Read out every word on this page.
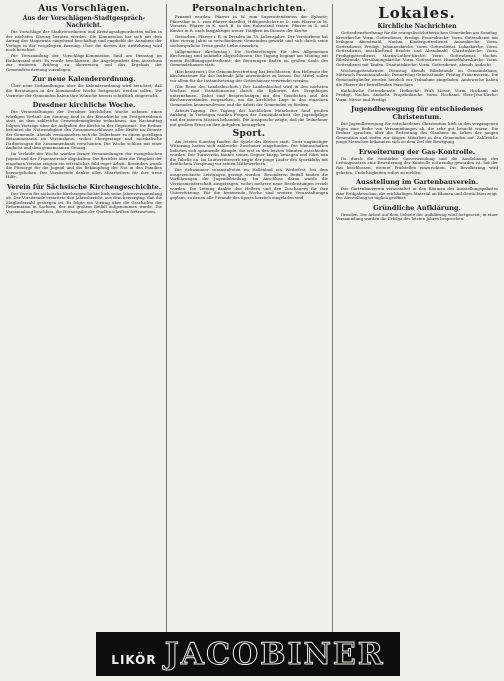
Aus Vorschlägen.
Aus der Vorschlägen-Stadtgespräch-Nachricht.

Die Vorschläge der Stadtverordneten und Kreistagsabgeordneten sollen in der nächsten Sitzung beraten werden. Die Kommission hat sich mit dem Antrag des Magistrats eingehend beschäftigt und empfiehlt die Annahme der Vorlage in der vorgelegten Fassung. Über die Kosten der Ausführung wird noch berichtet.

Die Versammlung der Vorschläge-Kommission fand am Dienstag im Rathaussaal statt. Es wurde beschlossen, die Angelegenheit dem Ausschuss zur weiteren Prüfung zu überweisen und das Ergebnis der Gemeindevertretung vorzulegen.

Zur neue Kalenderordnung.

Über neue Verhandlungen über die Kalenderordnung wird berichtet, daß die Beratungen in der kommenden Woche fortgesetzt werden sollen. Die Vertreter der Gemeinden haben ihre Wünsche bereits schriftlich eingereicht.

Dresdner kirchliche Woche.

Die Veranstaltungen der Dresdner kirchlichen Woche nahmen einen würdigen Verlauf. Am Sonntag fand in der Kreuzkirche ein Festgottesdienst statt, an dem zahlreiche Gemeindemitglieder teilnahmen. Am Nachmittag folgten Vorträge über die Aufgaben der Kirche in der Gegenwart. Die Redner betonten die Notwendigkeit des Zusammenschlusses aller Kräfte im Dienste der Gemeinde. Abends versammelten sich die Teilnehmer zu einem geselligen Beisammensein im Vereinshaus, wobei Chorgesänge und musikalische Darbietungen die Zusammenkunft verschönten. Die Woche schloss mit einer Andacht und dem gemeinsamen Gesang.

Im Verlaufe der Woche wurden ferner Versammlungen der evangelischen Jugend und der Frauenvereine abgehalten. Die Berichte über die Tätigkeit der einzelnen Vereine zeigten ein erfreuliches Bild reger Arbeit. Besonders wurde die Fürsorge für die Jugend und die Bekämpfung der Not in den Familien hervorgehoben. Der Vorsitzende dankte allen Mitarbeitern für ihre treue Hilfe.

Verein für Sächsische Kirchengeschichte.

Der Verein für sächsische Kirchengeschichte hielt seine Jahresversammlung ab. Der Vorsitzende erstattete den Jahresbericht, aus dem hervorging, daß die Mitgliederzahl gestiegen ist. Es folgte ein Vortrag über die Geschichte der Reformation in Sachsen, der mit großem Beifall aufgenommen wurde. Die Versammlung beschloss, die Herausgabe der Quellenschriften fortzusetzen.

Personalnachrichten.

Ernannt wurden: Pfarrer in W. zum Superintendenten der Ephorie; Pfarrvikar in L. zum Pfarrer daselbst; Hilfsgeistlicher in D. zum Pfarrer in M. Versetzt: Pfarrer in K. nach B. In den Ruhestand traten: Pfarrer in S. und Kantor in R. nach langjähriger treuer Tätigkeit im Dienste der Kirche.

Gestorben: Pfarrer i. R. in Dresden im 78. Lebensjahre. Der Verstorbene hat über vierzig Jahre in verschiedenen Gemeinden gewirkt und sich durch seine seelsorgerliche Treue große Liebe erworben.

(Allgemeiner Kirchentag.) Die Vorbereitungen für den Allgemeinen Kirchentag sind nunmehr abgeschlossen. Die Tagung beginnt am Montag mit einem Eröffnungsgottesdienst; die Beratungen finden im großen Saale des Gemeindehauses statt.

(Kirchensteuer.) Die Gemeindevertretung hat beschlossen, den Hebesatz der Kirchensteuer für das laufende Jahr unverändert zu lassen. Die Mittel sollen vor allem für die Instandsetzung der Gotteshäuser verwendet werden.

(Die Reise des Landesbischofs.) Der Landesbischof wird in den nächsten Wochen eine Visitationsreise durch die Ephorien des Erzgebirges unternehmen. Dabei sind Besprechungen mit den Geistlichen und den Kirchenvorständen vorgesehen, um die kirchliche Lage in den einzelnen Gemeinden kennenzulernen und die Arbeit der Gemeinden zu fördern.

Arbeits-Tagung. Die Tagung der kirchlichen Mitarbeiter fand großen Anklang. In Vorträgen wurden Fragen der Gemeindearbeit, der Jugendpflege und der inneren Mission behandelt. Die Aussprache zeigte, daß die Teilnehmer mit großem Ernst an ihre Aufgaben herangehen.

Sport.

Am letzten Sonntag fanden die Spiele des Kreises statt. Trotz ungünstiger Witterung hatten sich zahlreiche Zuschauer eingefunden. Die Mannschaften lieferten sich spannende Kämpfe, die erst in den letzten Minuten entschieden wurden. Der Turnverein konnte seinen Gegner knapp besiegen und führt nun die Tabelle an. Im Laufwettbewerb siegte der junge Läufer des Sportklubs mit deutlichem Vorsprung vor seinen Mitbewerbern.

Die Schwimmer veranstalteten im Hallenbad ein Werbefest, bei dem ausgezeichnete Leistungen gezeigt wurden. Besonderen Beifall fanden die Vorführungen der Jugendabteilung. Im Anschluss daran wurde die Vereinsmeisterschaft ausgetragen, wobei mehrere neue Bestleistungen erzielt wurden. Die Leitung dankte den Helfern und den Zuschauern für ihre Unterstützung. Für die kommende Woche sind weitere Veranstaltungen geplant, zu denen alle Freunde des Sports herzlich eingeladen sind.

Lokales.
Kirchliche Nachrichten

Gottesdienstordnung für die evangelisch-lutherischen Gemeinden am Sonntag. Kreuzkirche: Vorm. Gottesdienst, Predigt. Frauenkirche: Vorm. Gottesdienst mit heiligem Abendmahl, Nachm. Kindergottesdienst. Annenkirche: Vorm. Gottesdienst, Predigt. Johanneskirche: Vorm. Gottesdienst. Lukaskirche: Vorm. Gottesdienst, anschließend Beichte und Abendmahl. Christuskirche: Vorm. Predigtgottesdienst. Martin-Luther-Kirche: Vorm. Gottesdienst, Nachm. Bibelstunde. Versöhnungskirche: Vorm. Gottesdienst. Himmelfahrtskirche: Vorm. Gottesdienst mit Taufen. Trinitatiskirche: Vorm. Gottesdienst, abends Andacht.

Wochengottesdienste: Dienstag abends Bibelstunde im Gemeindehaus; Mittwoch Passionsandacht; Donnerstag Gebetsstunde; Freitag Frauenverein. Die Gemeindeglieder werden herzlich zur Teilnahme eingeladen. Amtswoche haben die Pfarrer der betreffenden Parochien.

Katholische Gottesdienste: Hofkirche: Früh Messe, Vorm. Hochamt mit Predigt, Nachm. Andacht. Propsteikirche: Vorm. Hochamt. Herz-Jesu-Kirche: Vorm. Messe und Predigt.

Jugendbewegung für entschiedenes Christentum.

Die Jugendbewegung für entschiedenes Christentum hielt in den vergangenen Tagen eine Reihe von Versammlungen ab, die sehr gut besucht waren. Die Redner sprachen über die Bedeutung des Glaubens im Leben der jungen Generation und riefen zur tätigen Mitarbeit in den Gemeinden auf. Zahlreiche junge Menschen bekannten sich zu dem Ziel der Bewegung.

Erweiterung der Gas-Kontrolle.

Da durch die verstärkte Gasverwendung und die Ausdehnung des Leitungsnetzes eine Erweiterung der Kontrolle notwendig geworden ist, hat der Rat beschlossen, weitere Prüfstellen einzurichten. Die Bevölkerung wird gebeten, Undichtigkeiten sofort zu melden.

Ausstellung im Gartenbauverein.

Der Gartenbauverein veranstaltet in den Räumen des Ausstellungspalastes eine Frühjahrsschau, die reichhaltiges Material an Blumen und Gewächsen zeigt. Die Ausstellung ist täglich geöffnet.

Gründliche Aufklärung.

Dresden. Die Arbeit auf dem Gebiete der Aufklärung wird fortgesetzt; in einer Versammlung wurden die Erfolge des letzten Jahres besprochen.

LIKÖR JACOBINER
